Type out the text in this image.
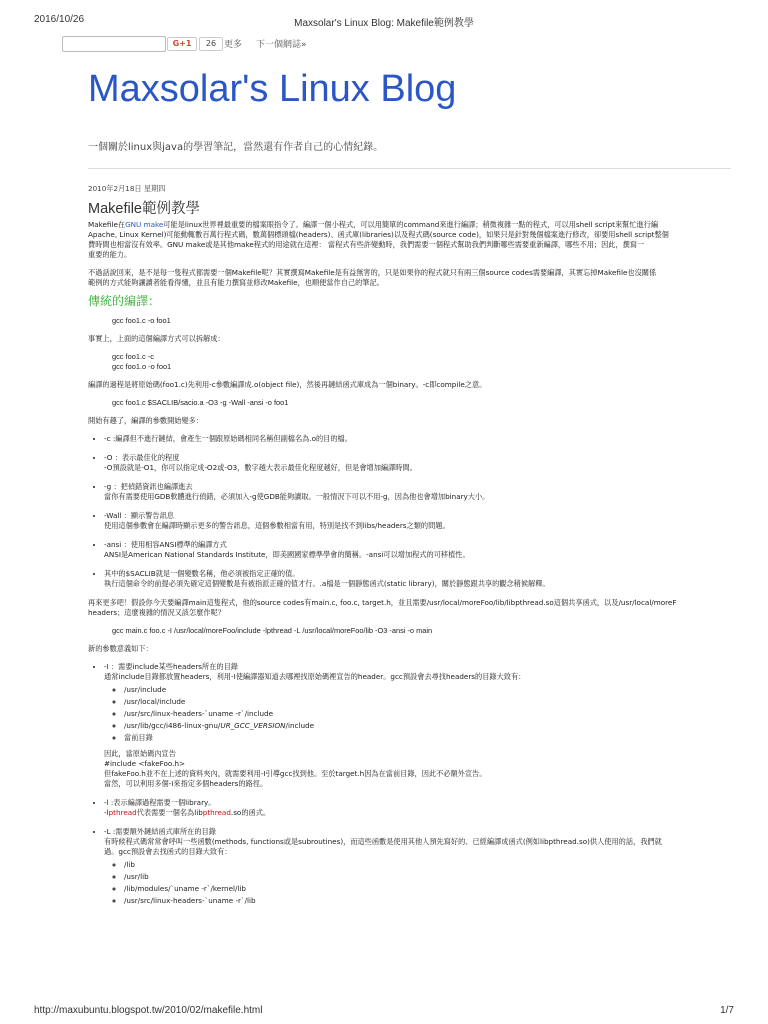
2016/10/26	Maxsolar's Linux Blog: Makefile範例教學
G+1	26 更多 下一個網誌»
Maxsolar's Linux Blog
一個關於linux與java的學習筆記，當然還有作者自己的心情紀錄。
2010年2月18日 星期四
Makefile範例教學
Makefile在GNU make可能是linux世界裡最重要的檔案眼指令了。編譯一個小程式，可以用簡單的command來進行編譯；稍微複雜一點的程式，可以用shell script來幫忙進行編
Apache, Linux Kernel)可能動輒數百萬行程式碼，數萬個標頭檔(headers)、函式庫(libraries)以及程式碼(source code)，如果只是針對幾個檔案進行修改，卻要用shell script整個
費時間也相當沒有效率。GNU make或是其他make程式的用途就在這裡： 當程式有些許變動時，我們需要一個程式幫助我們判斷哪些需要重新編譯，哪些不用；因此，撰寫一
重要的能力。
不過話說回來，是不是每一隻程式都需要一個Makefile呢？其實撰寫Makefile是有益無害的，只是如果你的程式就只有兩三個source codes需要編譯，其實忘掉Makefile也沒關係
範例的方式能夠讓讀者能看得懂，並且有能力撰寫並修改Makefile，也順便當作自己的筆記。
傳統的編譯：
gcc foo1.c -o foo1
事實上，上面的這個編譯方式可以拆解成：
gcc foo1.c -c
gcc foo1.o -o foo1
編譯的過程是將原始碼(foo1.c)先利用-c參數編譯成.o(object file)，然後再鏈結函式庫成為一個binary。-c即compile之意。
gcc foo1.c $SACLIB/sacio.a -O3 -g -Wall -ansi -o foo1
開始有趣了，編譯的參數開始變多：
• -c :編譯但不進行鏈結，會產生一個跟原始碼相同名稱但副檔名為.o的目的檔。
• -O ：表示最佳化的程度
-O預設就是-O1，你可以指定成-O2或-O3，數字越大表示最佳化程度越好，但是會增加編譯時間。
• -g ：把偵錯資訊也編譯進去
當你有需要使用GDB軟體進行偵錯，必須加入-g使GDB能夠讀取。一般情況下可以不用-g，因為他也會增加binary大小。
• -Wall ：顯示警告訊息
使用這個參數會在編譯時顯示更多的警告訊息，這個參數相當有用，特別是找不到libs/headers之類的問題。
• -ansi ：使用相容ANSI標準的編譯方式
ANSI是American National Standards Institute，即美國國家標準學會的簡稱。-ansi可以增加程式的可移植性。
• 其中的$SACLIB就是一個變數名稱，他必須被指定正確的值。
執行這個命令的前提必須先確定這個變數是有被指派正確的值才行。.a檔是一個靜態函式(static library)，關於靜態跟共享的觀念稍候解釋。
再來更多吧！假設你今天要編譯main這隻程式，他的source codes有main.c, foo.c, target.h，並且需要/usr/local/moreFoo/lib/libpthread.so這個共享函式，以及/usr/local/moreF
headers；這麼複雜的情況又該怎麼作呢？
gcc main.c foo.c -I /usr/local/moreFoo/include -lpthread -L /usr/local/moreFoo/lib -O3 -ansi -o main
新的參數意義如下：
• -I ：需要include某些headers所在的目錄
通常include目錄都放置headers，利用-I使編譯器知道去哪裡找原始碼裡宣告的header。gcc預設會去尋找headers的目錄大致有：
◦ /usr/include
◦ /usr/local/include
◦ /usr/src/linux-headers-`uname -r`/include
◦ /usr/lib/gcc/i486-linux-gnu/UR_GCC_VERSION/include
◦ 當前目錄
因此，當原始碼內宣告
#include <fakeFoo.h>
但fakeFoo.h並不在上述的資料夾內，就需要利用-I引導gcc找到他。至於target.h因為在當前目錄，因此不必額外宣告。
當然，可以利用多個-I來指定多個headers的路徑。
• -l :表示編譯過程需要一個library。
-lpthread代表需要一個名為libpthread.so的函式。
• -L :需要額外鏈結函式庫所在的目錄
有時候程式碼常常會呼叫一些函數(methods, functions或是subroutines)，而這些函數是使用其他人預先寫好的、已經編譯成函式(例如libpthread.so)供人使用的話，我們就
過。gcc預設會去找函式的目錄大致有：
◦ /lib
◦ /usr/lib
◦ /lib/modules/`uname -r`/kernel/lib
◦ /usr/src/linux-headers-`uname -r`/lib
http://maxubuntu.blogspot.tw/2010/02/makefile.html	1/7
